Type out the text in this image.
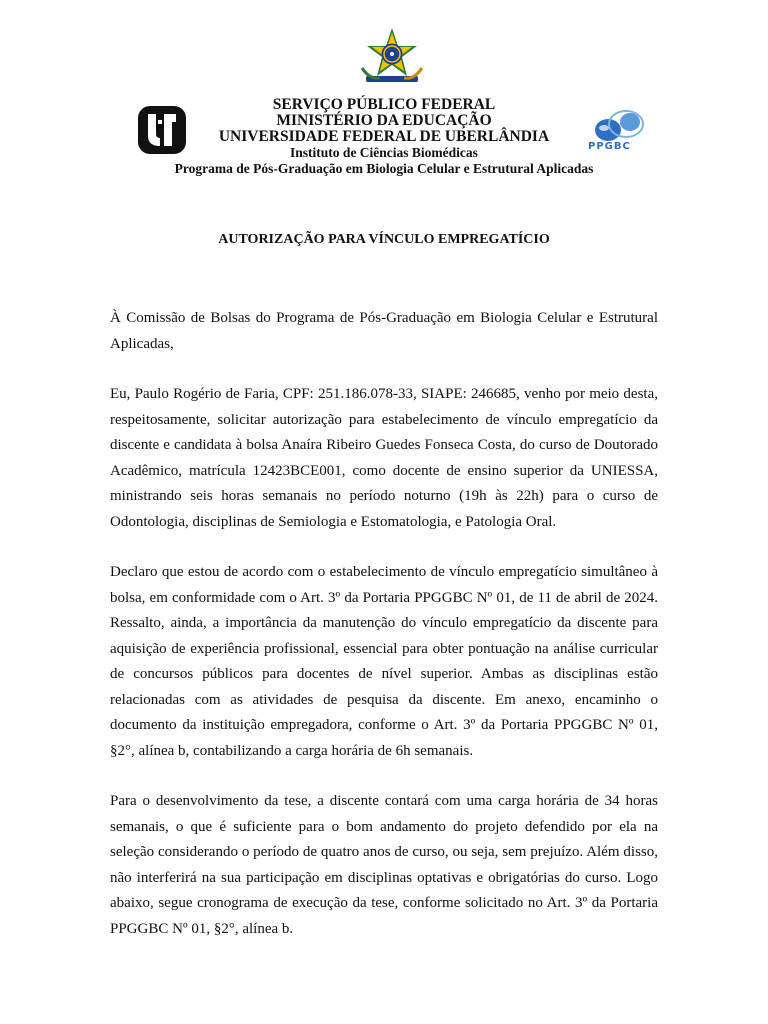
PPGBC
SERVIÇO PÚBLICO FEDERAL
MINISTÉRIO DA EDUCAÇÃO
UNIVERSIDADE FEDERAL DE UBERLÂNDIA
Instituto de Ciências Biomédicas
Programa de Pós-Graduação em Biologia Celular e Estrutural Aplicadas
AUTORIZAÇÃO PARA VÍNCULO EMPREGATÍCIO

À Comissão de Bolsas do Programa de Pós-Graduação em Biologia Celular e Estrutural Aplicadas,

Eu, Paulo Rogério de Faria, CPF: 251.186.078-33, SIAPE: 246685, venho por meio desta, respeitosamente, solicitar autorização para estabelecimento de vínculo empregatício da discente e candidata à bolsa Anaíra Ribeiro Guedes Fonseca Costa, do curso de Doutorado Acadêmico, matrícula 12423BCE001, como docente de ensino superior da UNIESSA, ministrando seis horas semanais no período noturno (19h às 22h) para o curso de Odontologia, disciplinas de Semiologia e Estomatologia, e Patologia Oral.

Declaro que estou de acordo com o estabelecimento de vínculo empregatício simultâneo à bolsa, em conformidade com o Art. 3º da Portaria PPGGBC Nº 01, de 11 de abril de 2024. Ressalto, ainda, a importância da manutenção do vínculo empregatício da discente para aquisição de experiência profissional, essencial para obter pontuação na análise curricular de concursos públicos para docentes de nível superior. Ambas as disciplinas estão relacionadas com as atividades de pesquisa da discente. Em anexo, encaminho o documento da instituição empregadora, conforme o Art. 3º da Portaria PPGGBC Nº 01, §2°, alínea b, contabilizando a carga horária de 6h semanais.

Para o desenvolvimento da tese, a discente contará com uma carga horária de 34 horas semanais, o que é suficiente para o bom andamento do projeto defendido por ela na seleção considerando o período de quatro anos de curso, ou seja, sem prejuízo. Além disso, não interferirá na sua participação em disciplinas optativas e obrigatórias do curso. Logo abaixo, segue cronograma de execução da tese, conforme solicitado no Art. 3º da Portaria PPGGBC Nº 01, §2°, alínea b.
